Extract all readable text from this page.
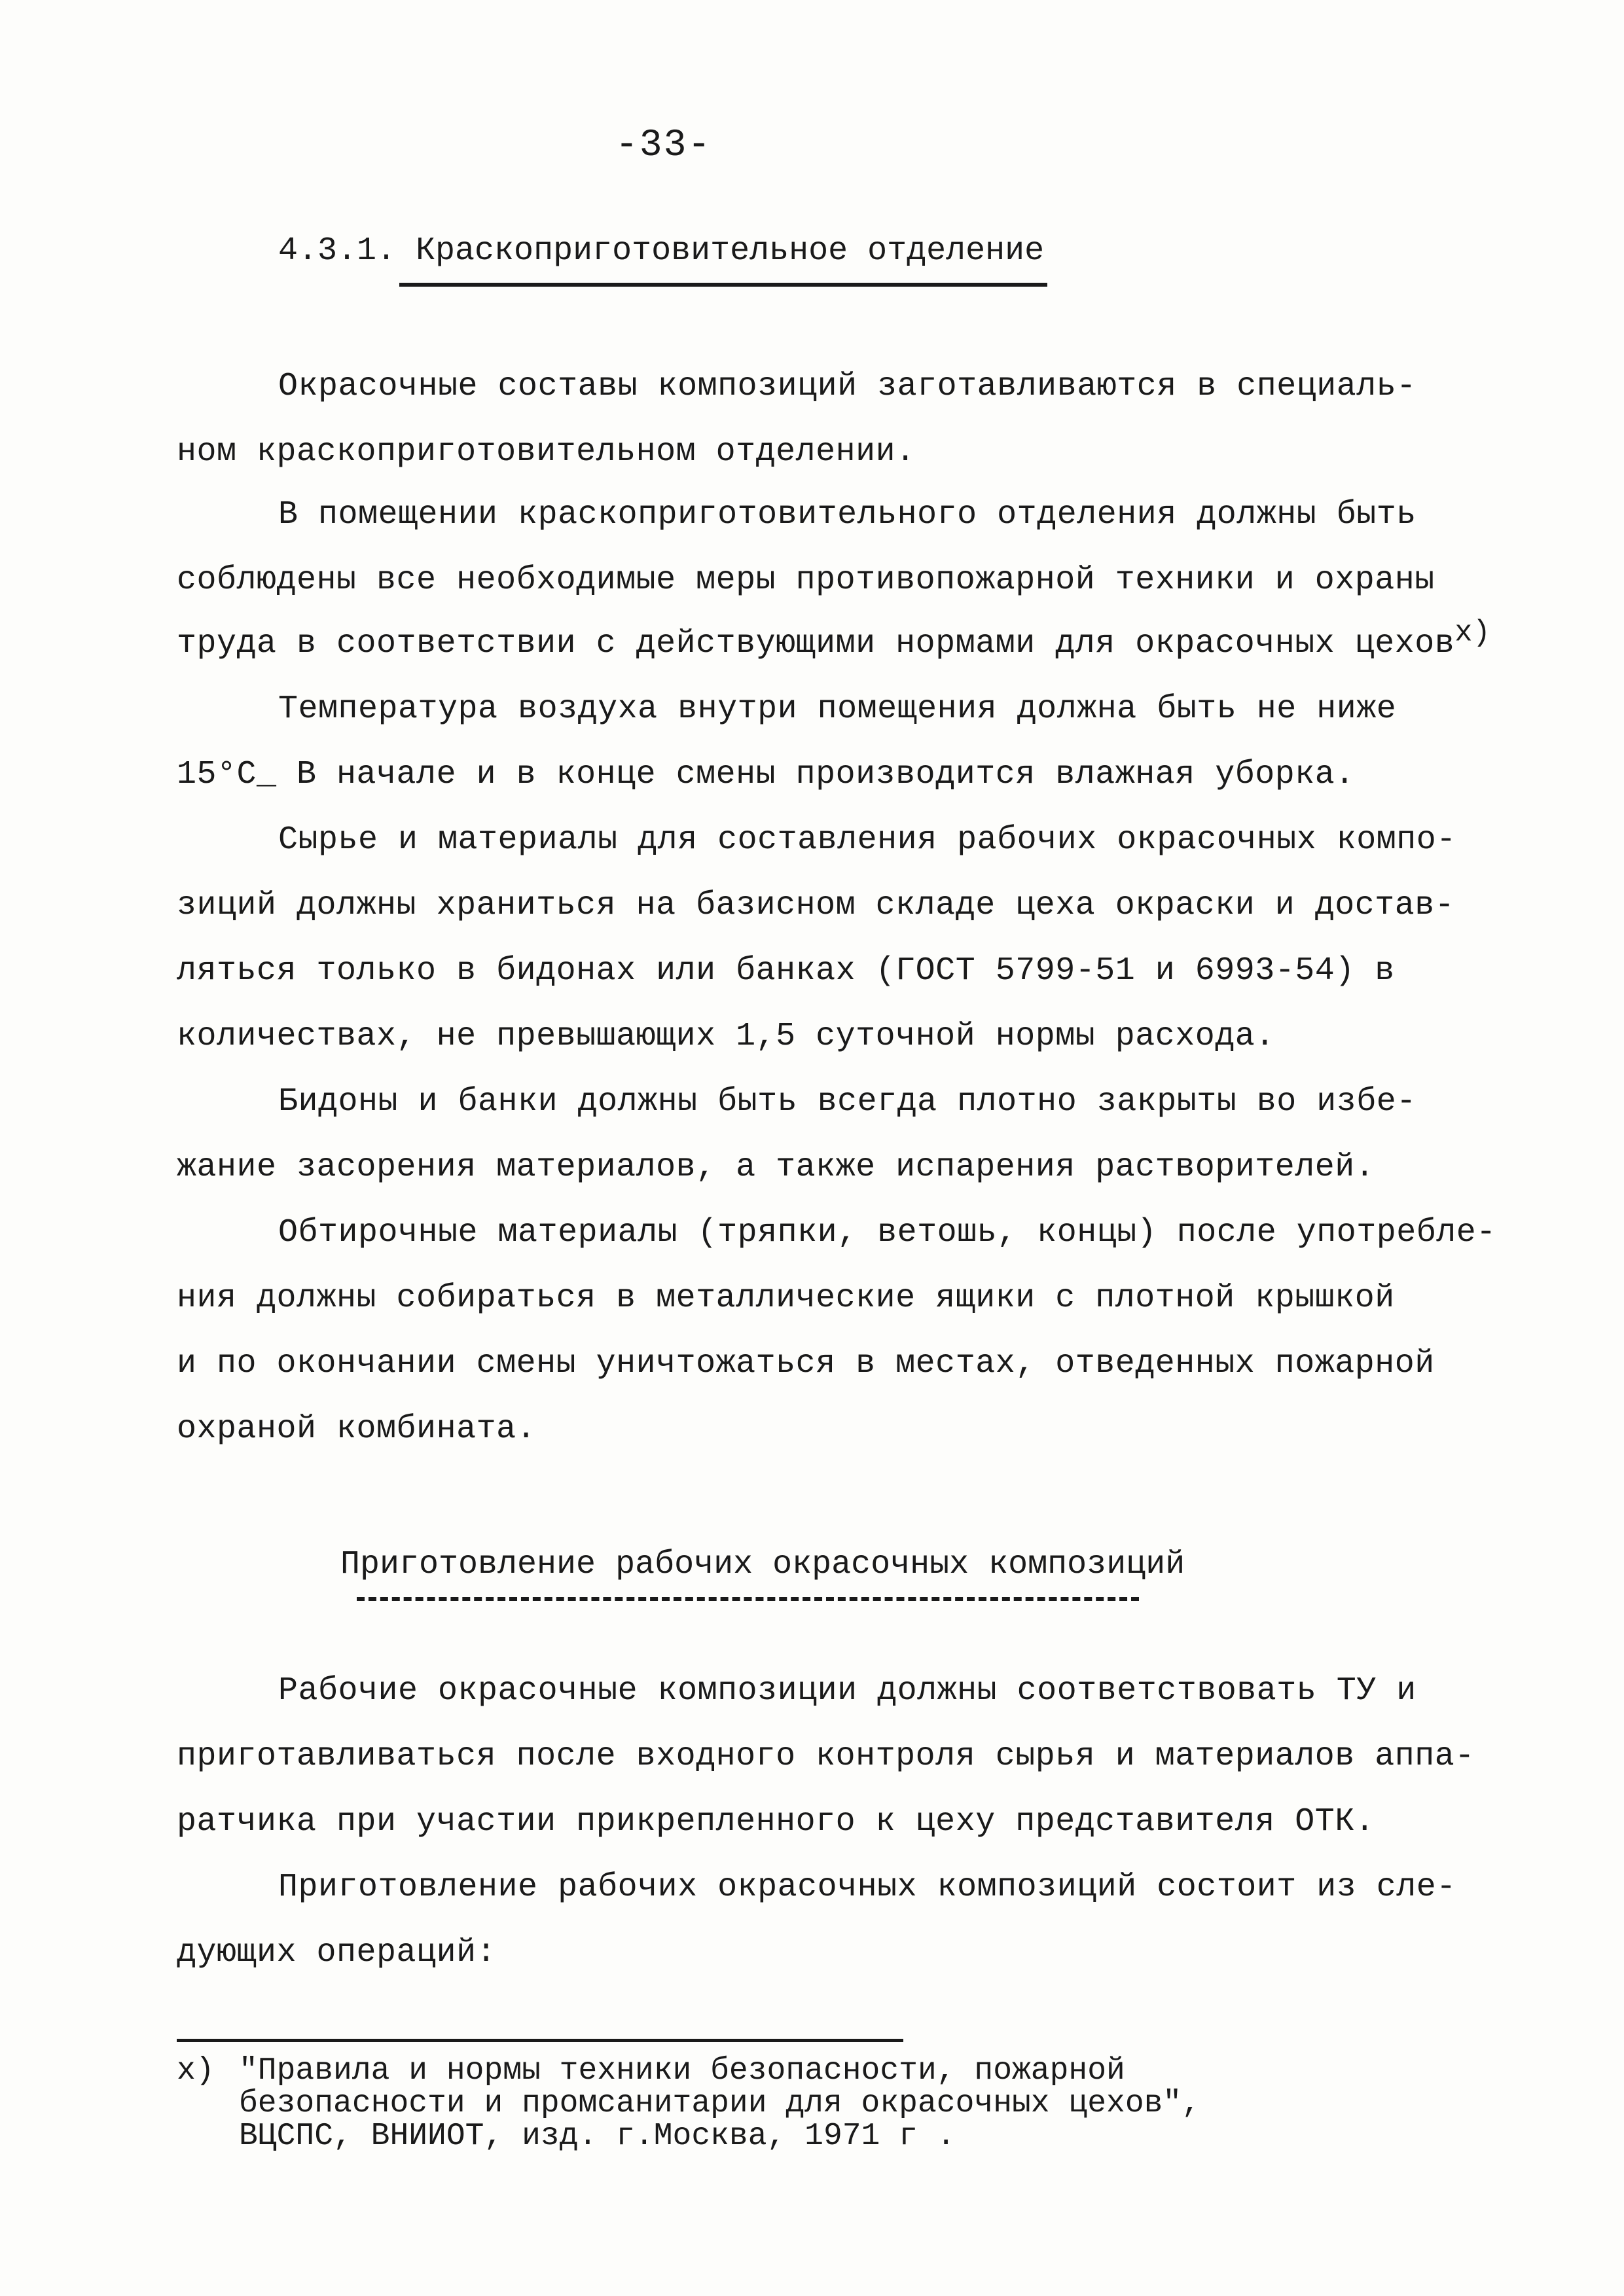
-33-
4.3.1. Краскоприготовительное отделение
Окрасочные составы композиций заготавливаются в специаль-
ном краскоприготовительном отделении.
В помещении краскоприготовительного отделения должны быть
соблюдены все необходимые меры противопожарной техники и охраны
труда в соответствии с действующими нормами для окрасочных цехов$^{x)}$
Температура воздуха внутри помещения должна быть не ниже
15°С_ В начале и в конце смены производится влажная уборка.
Сырье и материалы для составления рабочих окрасочных компо-
зиций должны храниться на базисном складе цеха окраски и достав-
ляться только в бидонах или банках (ГОСТ 5799-51 и 6993-54) в
количествах, не превышающих 1,5 суточной нормы расхода.
Бидоны и банки должны быть всегда плотно закрыты во избе-
жание засорения материалов, а также испарения растворителей.
Обтирочные материалы (тряпки, ветошь, концы) после употребле-
ния должны собираться в металлические ящики с плотной крышкой
и по окончании смены уничтожаться в местах, отведенных пожарной
охраной комбината.
Приготовление рабочих окрасочных композиций
Рабочие окрасочные композиции должны соответствовать ТУ и
приготавливаться после входного контроля сырья и материалов аппа-
ратчика при участии прикрепленного к цеху представителя ОТК.
Приготовление рабочих окрасочных композиций состоит из сле-
дующих операций:
x) "Правила и нормы техники безопасности, пожарной
безопасности и промсанитарии для окрасочных цехов",
ВЦСПС, ВНИИОТ, изд. г.Москва, 1971 г .
